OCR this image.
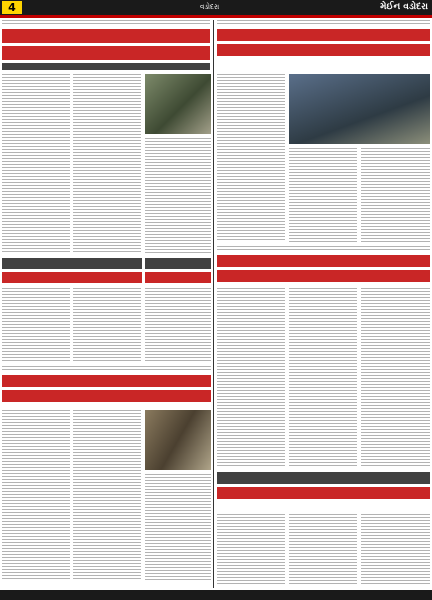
4	વડોદરા	મેઈન વડોદરા
